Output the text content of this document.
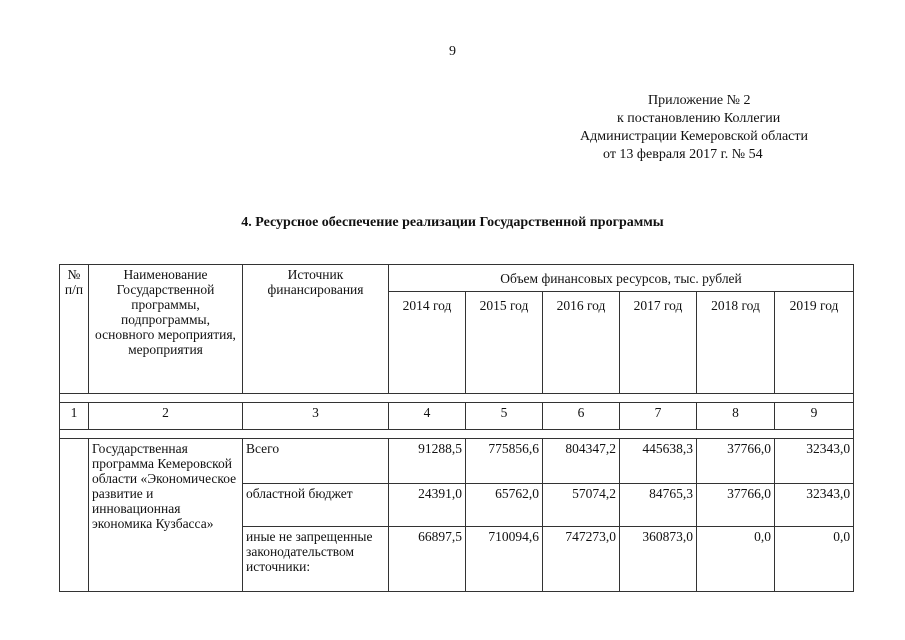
9
Приложение № 2
к постановлению Коллегии
Администрации Кемеровской области
от 13 февраля 2017 г. № 54
4. Ресурсное обеспечение реализации Государственной программы
№ п/п	Наименование Государственной программы, подпрограммы, основного мероприятия, мероприятия	Источник финансирования	Объем финансовых ресурсов, тыс. рублей					
			2014 год	2015 год	2016 год	2017 год	2018 год	2019 год

1	2	3	4	5	6	7	8	9

	Государственная программа Кемеровской области «Экономическое развитие и инновационная экономика Кузбасса»	Всего	91288,5	775856,6	804347,2	445638,3	37766,0	32343,0
		областной бюджет	24391,0	65762,0	57074,2	84765,3	37766,0	32343,0
		иные не запрещенные законодательством источники:	66897,5	710094,6	747273,0	360873,0	0,0	0,0
